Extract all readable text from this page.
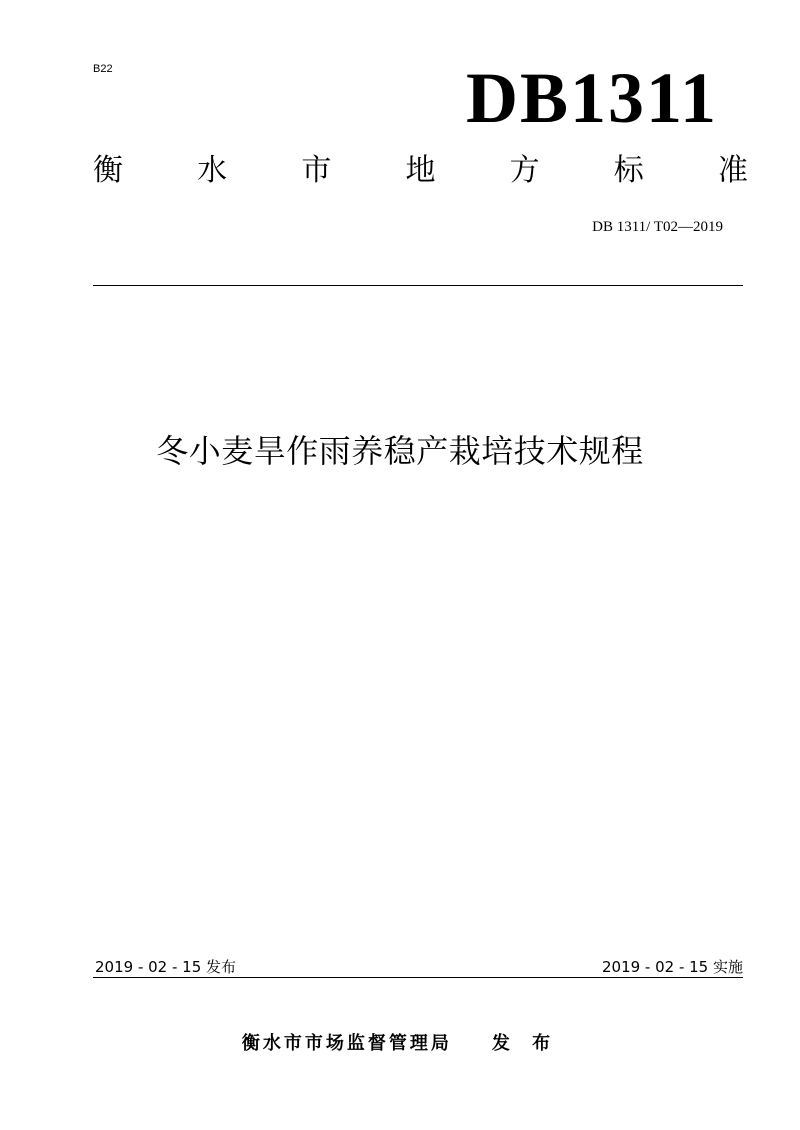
B22	DB1311
衡 水 市 地 方 标 准
DB 1311/ T02—2019
冬小麦旱作雨养稳产栽培技术规程
2019 - 02 - 15 发布	2019 - 02 - 15 实施
衡水市市场监督管理局 发 布
